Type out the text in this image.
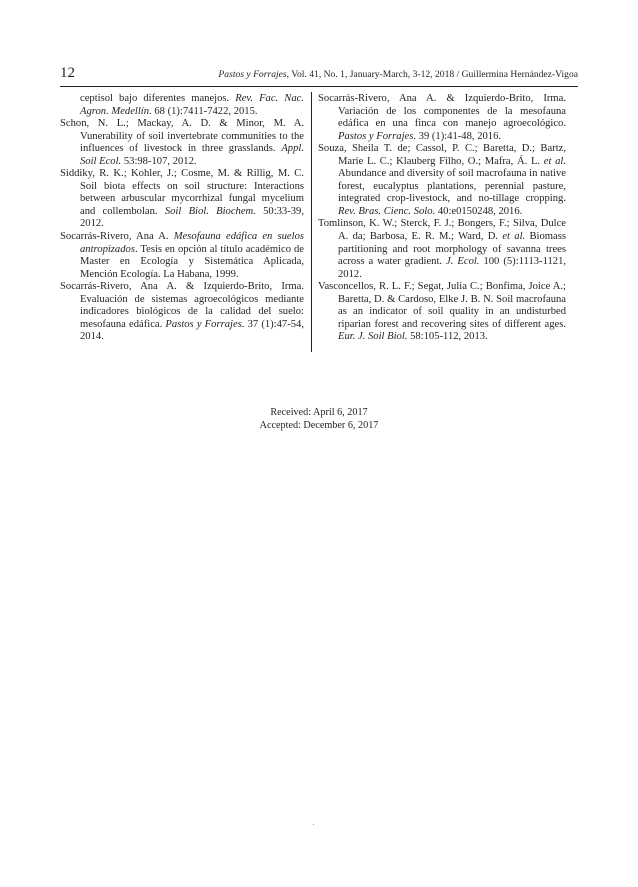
12	Pastos y Forrajes, Vol. 41, No. 1, January-March, 3-12, 2018 / Guillermina Hernández-Vigoa

ceptisol bajo diferentes manejos. Rev. Fac. Nac. Agron. Medellín. 68 (1):7411-7422, 2015.

Schon, N. L.; Mackay, A. D. & Minor, M. A. Vunerability of soil invertebrate communities to the influences of livestock in three grasslands. Appl. Soil Ecol. 53:98-107, 2012.

Siddiky, R. K.; Kohler, J.; Cosme, M. & Rillig, M. C. Soil biota effects on soil structure: Interactions between arbuscular mycorrhizal fungal mycelium and collembolan. Soil Biol. Biochem. 50:33-39, 2012.

Socarrás-Rivero, Ana A. Mesofauna edáfica en suelos antropizados. Tesis en opción al título académico de Master en Ecología y Sistemática Aplicada, Mención Ecología. La Habana, 1999.

Socarrás-Rivero, Ana A. & Izquierdo-Brito, Irma. Evaluación de sistemas agroecológicos mediante indicadores biológicos de la calidad del suelo: mesofauna edáfica. Pastos y Forrajes. 37 (1):47-54, 2014.

Socarrás-Rivero, Ana A. & Izquierdo-Brito, Irma. Variación de los componentes de la mesofauna edáfica en una finca con manejo agroecológico. Pastos y Forrajes. 39 (1):41-48, 2016.

Souza, Sheila T. de; Cassol, P. C.; Baretta, D.; Bartz, Marie L. C.; Klauberg Filho, O.; Mafra, Á. L. et al. Abundance and diversity of soil macrofauna in native forest, eucalyptus plantations, perennial pasture, integrated crop-livestock, and no-tillage cropping. Rev. Bras. Cienc. Solo. 40:e0150248, 2016.

Tomlinson, K. W.; Sterck, F. J.; Bongers, F.; Silva, Dulce A. da; Barbosa, E. R. M.; Ward, D. et al. Biomass partitioning and root morphology of savanna trees across a water gradient. J. Ecol. 100 (5):1113-1121, 2012.

Vasconcellos, R. L. F.; Segat, Julia C.; Bonfima, Joice A.; Baretta, D. & Cardoso, Elke J. B. N. Soil macrofauna as an indicator of soil quality in an undisturbed riparian forest and recovering sites of different ages. Eur. J. Soil Biol. 58:105-112, 2013.

Received: April 6, 2017
Accepted: December 6, 2017
